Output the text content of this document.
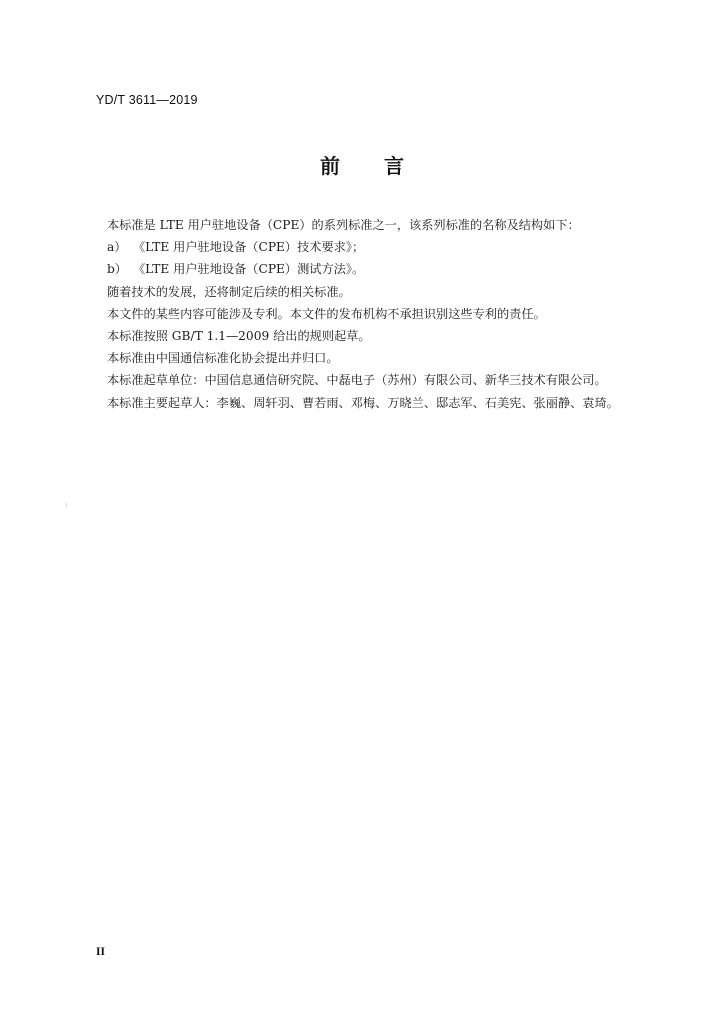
YD/T 3611—2019
前言

本标准是 LTE 用户驻地设备（CPE）的系列标准之一，该系列标准的名称及结构如下：

a） 《LTE 用户驻地设备（CPE）技术要求》；

b） 《LTE 用户驻地设备（CPE）测试方法》。

随着技术的发展，还将制定后续的相关标准。

本文件的某些内容可能涉及专利。本文件的发布机构不承担识别这些专利的责任。

本标准按照 GB/T 1.1—2009 给出的规则起草。

本标准由中国通信标准化协会提出并归口。

本标准起草单位：中国信息通信研究院、中磊电子（苏州）有限公司、新华三技术有限公司。

本标准主要起草人：李巍、周轩羽、曹若雨、邓梅、万晓兰、邸志军、石美宪、张丽静、袁琦。

II
